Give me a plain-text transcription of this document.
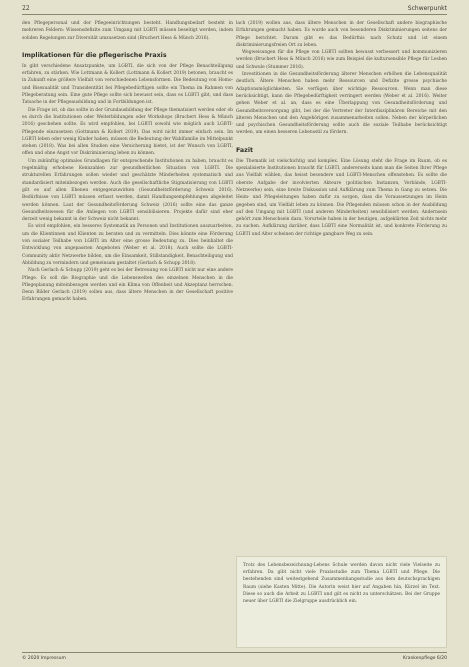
22	Schwerpunkt

den Pflegepersonal und der Pflegeeinrichtungen besteht. Handlungsbedarf besteht in mehreren Feldern: Wissensdefizite zum Umgang mit LGBTI müssen beseitigt werden, indem soliden Regelungen zur Diversität umzusetzen sind (Bruchert Hess & Münch 2016).

Implikationen für die pflegerische Praxis

In gibt verschiedene Ansatzpunkte, um LGBTI, die sich von der Pflege Benachteiligung erfahren, zu stärken. Wie Lottmann & Kollert (Lottmann & Kollert 2019) betonen, braucht es in Zukunft eine größere Vielfalt von verschiedenen Lebensformen. Die Bedeutung von Homo- und Bisexualität und Transidentität bei Pflegebedürftigen sollte ein Thema im Rahmen von Pflegeberatung sein. Eine gute Pflege sollte sich bewusst sein, dass es LGBTI gibt, und dass Tatsache in der Pflegeausbildung und in Fortbildungen ist.

Die Frage ist, ob das sollte in der Grundausbildung der Pflege thematisiert werden oder ob es durch die Institutionen oder Weiterbildungen oder Workshops (Bruchert Hess & Münch 2016) geschehen sollte. Es wird empfohlen, bei LGBTI sowohl wie möglich auch LGBTI-Pflegende einzusetzen (Gottmann & Kollert 2019). Das wird nicht immer einfach sein. Im LGBTI leben oder wenig Kinder haben, müssen die Bedeutung der Wahlfamilie im Mittelpunkt stehen (2018). Was bei allen Studien eine Versicherung bietet, ist der Wunsch von LGBTI, offen und ohne Angst vor Diskriminierung leben zu können.

Um zukünftig optimales Grundlagen für entsprechende Institutionen zu haben, braucht es regelmäßig erhobene Kennzahlen zur gesundheitlichen Situation von LGBTI. Die strukturellen Erfahrungen sollen wieder und geschätzte Minderheiten systematisch und standardisiert miteinbezogen werden. Auch die gesellschaftliche Stigmatisierung von LGBTI gilt es auf allen Ebenen entgegenzuwirken (Gesundheitsförderung Schweiz 2016). Bedürfnisse von LGBTI müssen erfasst werden, damit Handlungsempfehlungen abgeleitet werden können. Laut der Gesundheitsförderung Schweiz (2016) sollte eine das ganze Gesundheitswesen für die Anliegen von LGBTI sensibilisieren. Projekte dafür sind eher derzeit wenig bekannt in der Schweiz nicht bekannt.

Es wird empfohlen, ein besseres Systematik an Personen und Institutionen auszuarbeiten, um die Klientinnen und Klienten zu beraten und zu vermitteln. Dies könnte eine Förderung von sozialer Teilhabe von LGBTI im Alter eine grosse Bedeutung zu. Dies beinhaltet die Entwicklung von angepassten Angeboten (Weber et al. 2018). Auch sollte die LGBTI-Community aktiv Netzwerke bilden, um die Einsamkeit, Stillstandigkeit, Benachteiligung und Abbildung zu vermindern und gemeinsam gestaltet (Gerlach & Schupp 2018).

Nach Gerlach & Schupp (2019) geht es bei der Betreuung von LGBTI nicht nur eine andere Pflege. Es soll die Biographie und die Lebenswelten des einzelnen Menschen in die Pflegeplanung miteinbezogen werden und ein Klima von Offenheit und Akzeptanz herrschen. Denn Bilder Gerlach (2019) sollen aus, dass ältere Menschen in der Gesellschaft positive Erfahrungen gemacht haben.

lach (2019) wollen aus, dass ältere Menschen in der Gesellschaft andere biographische Erfahrungen gemacht haben. Es wurde auch von besonderen Diskriminierungen seitens der Pflege berichtet. Darum gibt es das Bedürfnis nach Schutz und ist einem diskriminierungsfreien Ort zu leben.

Wegweisungen für die Pflege von LGBTI sollten bewusst verbessert und kommunizieren werden (Bruchert Hess & Münch 2016) wie zum Beispiel die kultursensible Pflege für Lesben und Schwule (Stummer 2016).

Investitionen in die Gesundheitsförderung älterer Menschen erhöhen die Lebensqualität deutlich. Ältere Menschen haben mehr Ressourcen und Defizite grosse psychische Adaptionsmöglichkeiten. Sie verfügen über wichtige Ressourcen. Wenn man diese berücksichtigt, kann die Pflegebedürftigkeit verringert werden (Weber et al. 2016). Weiter gehen Weber et al. an, dass es eine Überlappung von Gesundheitsförderung und Gesundheitsversorgung gibt, bei der die Vertreter der Interdisziplinären Bereiche mit den älteren Menschen und den Angehörigen zusammenarbeiten sollen. Neben der körperlichen und psychischen Gesundheitsförderung sollte auch die soziale Teilhabe berücksichtigt werden, um einen besseren Lebensstil zu fördern.

Fazit

Die Thematik ist vielschichtig und komplex. Eine Lösung steht die Frage im Raum, ob es spezialisierte Institutionen braucht für LGBTI, andererseits kann man die Seiten Ihrer Pflege aus Vielfalt wählen, das heisst besondere und LGBTI-Menschen offenstehen. Es sollte die oberste Aufgabe der involvierten Akteure (politischen Instanzen, Verbände, LGBTI-Netzwerke) sein, eine breite Diskussion und Aufklärung zum Thema in Gang zu setzen. Die Heim- und Pflegeleitungen haben dafür zu sorgen, dass die Voraussetzungen im Heim gegeben sind, um Vielfalt leben zu können. Die Pflegenden müssen schon in der Ausbildung auf den Umgang mit LGBTI (und anderen Minderheiten) sensibilisiert werden. Andernsein gehört zum Menschsein dazu. Vorurteile haben in der heutigen, aufgeklärten Zeit nichts mehr zu suchen. Aufklärung darüber, dass LGBTI eine Normalität ist, und konkrete Förderung zu LGBTI und Alter scheinen der richtige gangbare Weg zu sein.

Trotz des Lebensbezeichnung-Lebens Schule werden davon nicht viele Vielseite zu erfahren. Da gibt nicht viele Praxisstudie zum Thema LGBTI und Pflege. Die bestehenden sind weitestgehend Zusammenhangsstudie aus dem deutschsprachigen Raum (siehe Kasten Mitte). Die Autorin weist hier auf Angaben hin, Kürzel im Text. Diese so auch die Arbeit zu LGBTI und gilt es nicht zu unterschätzen. Bei der Gruppe neuer über LGBTI die Zielgruppe ausdrücklich ein.

© 2020 Impressum	Krankenpflege 6/20
